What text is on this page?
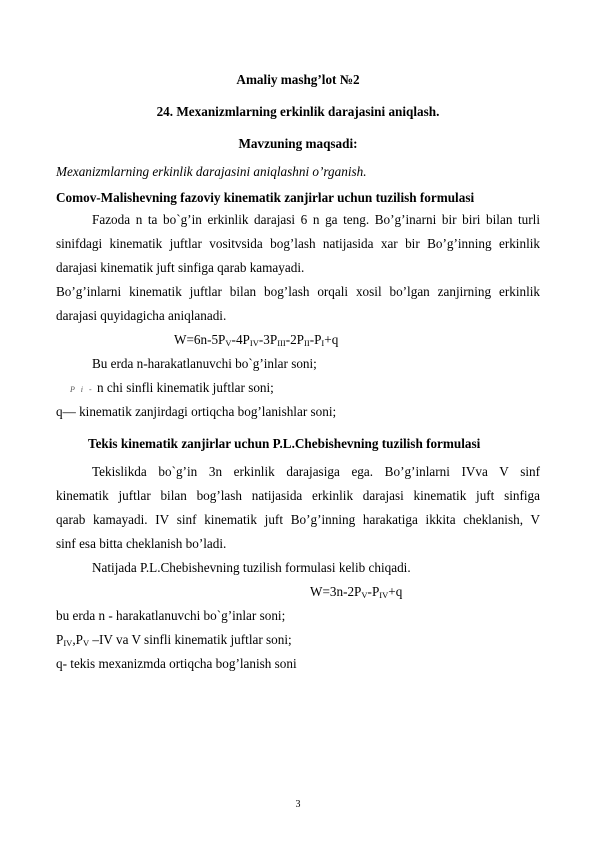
Amaliy mashg’lot №2
24. Mexanizmlarning erkinlik darajasini aniqlash.
Mavzuning maqsadi:
Mexanizmlarning erkinlik darajasini aniqlashni o’rganish.
Comov-Malishevning fazoviy kinematik zanjirlar uchun tuzilish formulasi
Fazoda n ta bo`g’in erkinlik darajasi 6 n ga teng. Bo’g’inarni bir biri bilan turli
sinifdagi kinematik juftlar vositvsida bog’lash natijasida xar bir Bo’g’inning erkinlik
darajasi kinematik juft sinfiga qarab kamayadi.
Bo’g’inlarni kinematik juftlar bilan bog’lash orqali xosil bo’lgan zanjirning erkinlik
darajasi quyidagicha aniqlanadi.
$W=6n-5P_V-4P_{IV}-3P_{III}-2P_{II}-P_I+q$
Bu erda n-harakatlanuvchi bo`g’inlar soni;
P i - n chi sinfli kinematik juftlar soni;
q— kinematik zanjirdagi ortiqcha bog’lanishlar soni;
Tekis kinematik zanjirlar uchun P.L.Chebishevning tuzilish formulasi
Tekislikda bo`g’in 3n erkinlik darajasiga ega. Bo’g’inlarni IVva V sinf
kinematik juftlar bilan bog’lash natijasida erkinlik darajasi kinematik juft sinfiga
qarab kamayadi. IV sinf kinematik juft Bo’g’inning harakatiga ikkita cheklanish, V
sinf esa bitta cheklanish bo’ladi.
Natijada P.L.Chebishevning tuzilish formulasi kelib chiqadi.
$W=3n-2P_V-P_{IV}+q$
bu erda n - harakatlanuvchi bo`g’inlar soni;
$P_{IV},P_V$ –IV va V sinfli kinematik juftlar soni;
q- tekis mexanizmda ortiqcha bog’lanish soni
3
